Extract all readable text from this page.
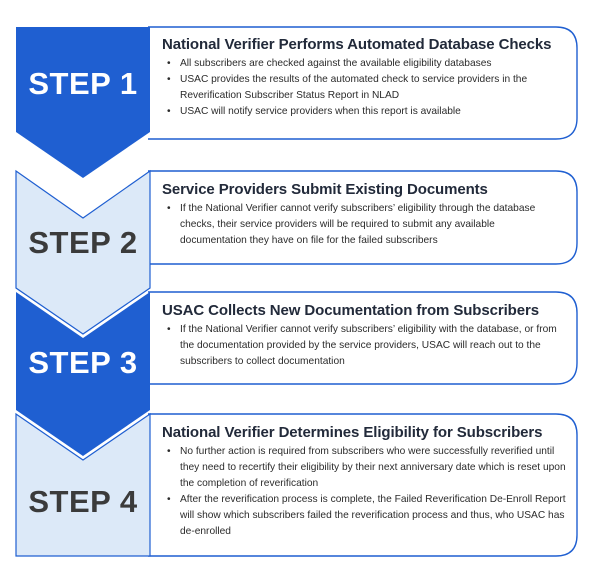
STEP 1
STEP 2
STEP 3
STEP 4
National Verifier Performs Automated Database Checks
• All subscribers are checked against the available eligibility databases
• USAC provides the results of the automated check to service providers in the Reverification Subscriber Status Report in NLAD
• USAC will notify service providers when this report is available
Service Providers Submit Existing Documents
• If the National Verifier cannot verify subscribers’ eligibility through the database checks, their service providers will be required to submit any available documentation they have on file for the failed subscribers
USAC Collects New Documentation from Subscribers
• If the National Verifier cannot verify subscribers’ eligibility with the database, or from the documentation provided by the service providers, USAC will reach out to the subscribers to collect documentation
National Verifier Determines Eligibility for Subscribers
• No further action is required from subscribers who were successfully reverified until they need to recertify their eligibility by their next anniversary date which is reset upon the completion of reverification
• After the reverification process is complete, the Failed Reverification De-Enroll Report will show which subscribers failed the reverification process and thus, who USAC has de-enrolled
